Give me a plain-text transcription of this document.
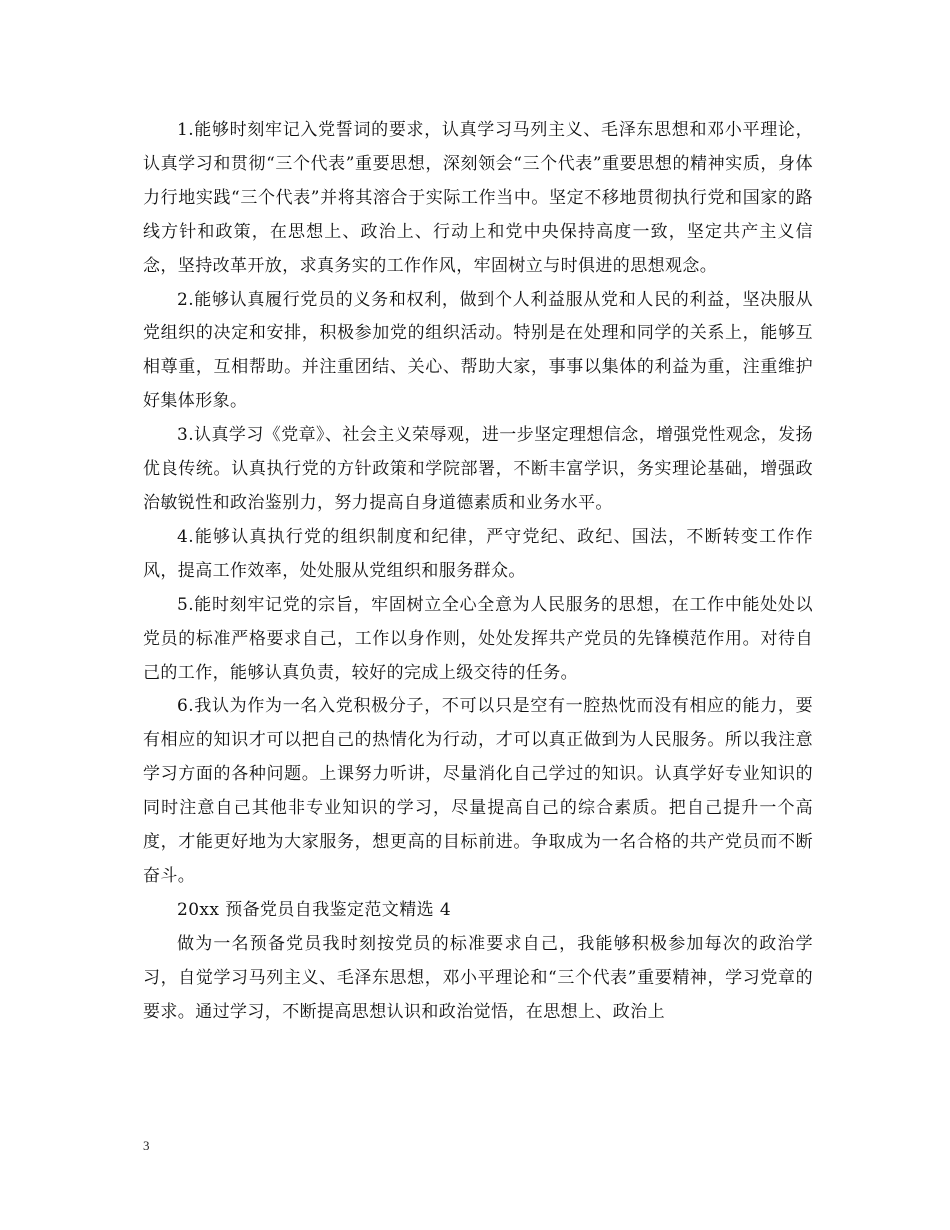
1.能够时刻牢记入党誓词的要求，认真学习马列主义、毛泽东思想和邓小平理论，认真学习和贯彻“三个代表”重要思想，深刻领会“三个代表”重要思想的精神实质，身体力行地实践“三个代表”并将其溶合于实际工作当中。坚定不移地贯彻执行党和国家的路线方针和政策，在思想上、政治上、行动上和党中央保持高度一致，坚定共产主义信念，坚持改革开放，求真务实的工作作风，牢固树立与时俱进的思想观念。

2.能够认真履行党员的义务和权利，做到个人利益服从党和人民的利益，坚决服从党组织的决定和安排，积极参加党的组织活动。特别是在处理和同学的关系上，能够互相尊重，互相帮助。并注重团结、关心、帮助大家，事事以集体的利益为重，注重维护好集体形象。

3.认真学习《党章》、社会主义荣辱观，进一步坚定理想信念，增强党性观念，发扬优良传统。认真执行党的方针政策和学院部署，不断丰富学识，务实理论基础，增强政治敏锐性和政治鉴别力，努力提高自身道德素质和业务水平。

4.能够认真执行党的组织制度和纪律，严守党纪、政纪、国法，不断转变工作作风，提高工作效率，处处服从党组织和服务群众。

5.能时刻牢记党的宗旨，牢固树立全心全意为人民服务的思想，在工作中能处处以党员的标准严格要求自己，工作以身作则，处处发挥共产党员的先锋模范作用。对待自己的工作，能够认真负责，较好的完成上级交待的任务。

6.我认为作为一名入党积极分子，不可以只是空有一腔热忱而没有相应的能力，要有相应的知识才可以把自己的热情化为行动，才可以真正做到为人民服务。所以我注意学习方面的各种问题。上课努力听讲，尽量消化自己学过的知识。认真学好专业知识的同时注意自己其他非专业知识的学习，尽量提高自己的综合素质。把自己提升一个高度，才能更好地为大家服务，想更高的目标前进。争取成为一名合格的共产党员而不断奋斗。

20xx 预备党员自我鉴定范文精选 4

做为一名预备党员我时刻按党员的标准要求自己，我能够积极参加每次的政治学习，自觉学习马列主义、毛泽东思想，邓小平理论和“三个代表”重要精神，学习党章的要求。通过学习，不断提高思想认识和政治觉悟，在思想上、政治上

3
